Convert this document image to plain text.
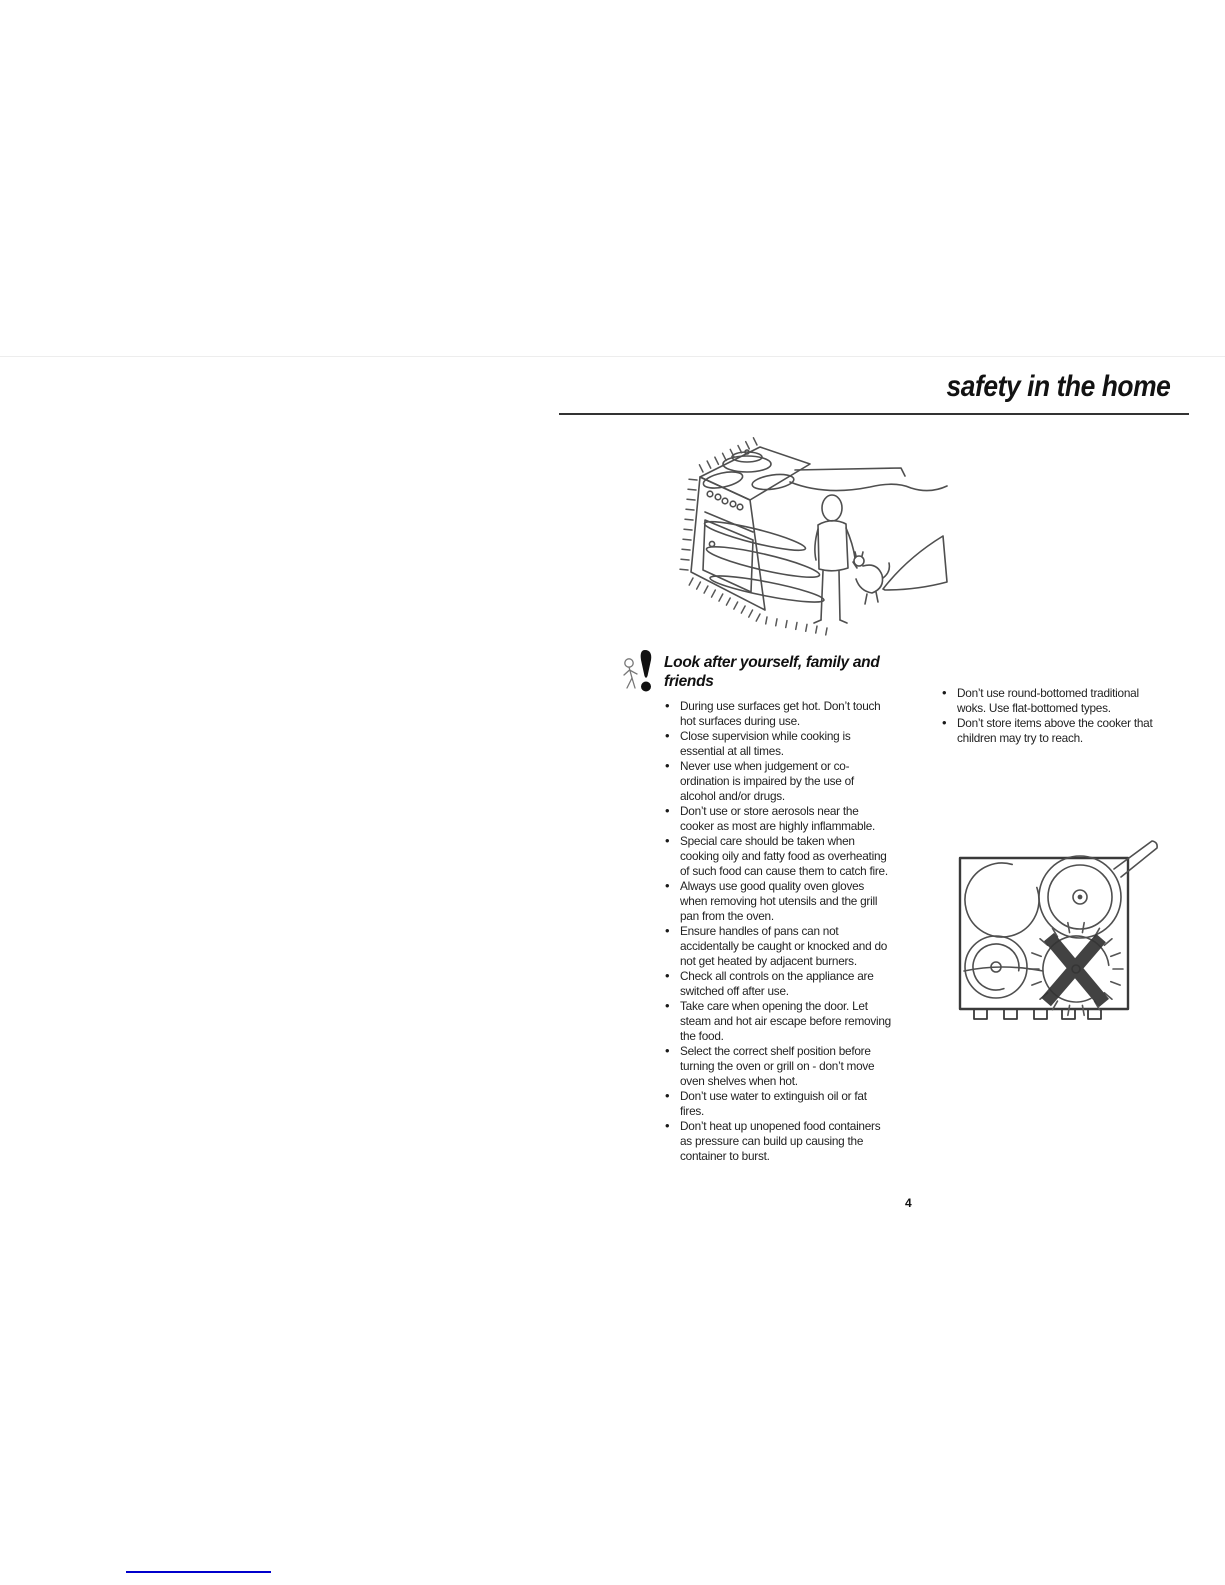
safety in the home
Look after yourself, family and friends
• During use surfaces get hot. Don’t touch hot surfaces during use.
• Close supervision while cooking is essential at all times.
• Never use when judgement or co-ordination is impaired by the use of alcohol and/or drugs.
• Don’t use or store aerosols near the cooker as most are highly inflammable.
• Special care should be taken when cooking oily and fatty food as overheating of such food can cause them to catch fire.
• Always use good quality oven gloves when removing hot utensils and the grill pan from the oven.
• Ensure handles of pans can not accidentally be caught or knocked and do not get heated by adjacent burners.
• Check all controls on the appliance are switched off after use.
• Take care when opening the door. Let steam and hot air escape before removing the food.
• Select the correct shelf position before turning the oven or grill on - don’t move oven shelves when hot.
• Don’t use water to extinguish oil or fat fires.
• Don’t heat up unopened food containers as pressure can build up causing the container to burst.
• Don’t use round-bottomed traditional woks. Use flat-bottomed types.
• Don’t store items above the cooker that children may try to reach.
4
